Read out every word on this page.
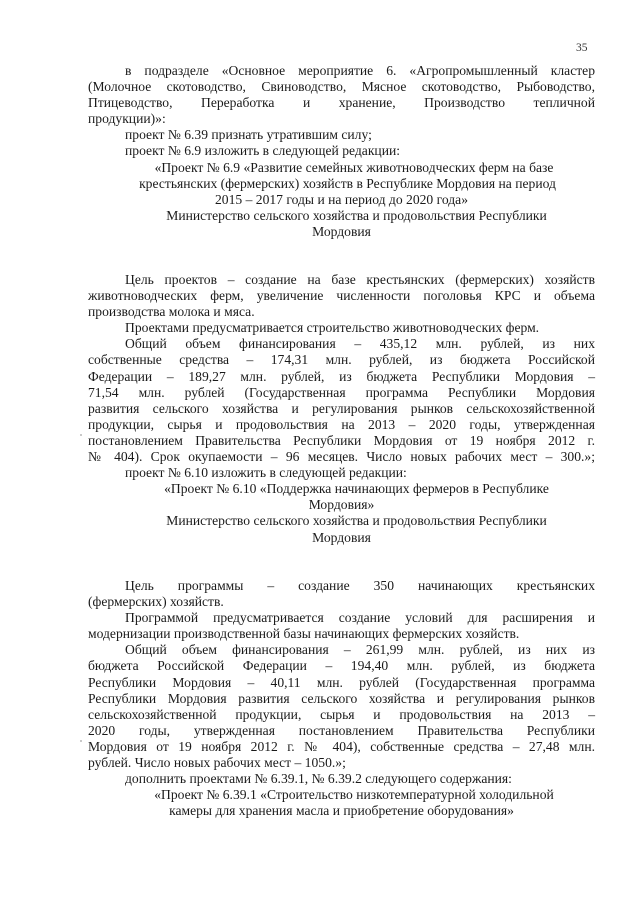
35
в подразделе «Основное мероприятие 6. «Агропромышленный кластер
(Молочное скотоводство, Свиноводство, Мясное скотоводство, Рыбоводство,
Птицеводство, Переработка и хранение, Производство тепличной
продукции)»:
проект № 6.39 признать утратившим силу;
проект № 6.9 изложить в следующей редакции:
«Проект № 6.9 «Развитие семейных животноводческих ферм на базе
крестьянских (фермерских) хозяйств в Республике Мордовия на период
2015 – 2017 годы и на период до 2020 года»
Министерство сельского хозяйства и продовольствия Республики
Мордовия
Цель проектов – создание на базе крестьянских (фермерских) хозяйств
животноводческих ферм, увеличение численности поголовья КРС и объема
производства молока и мяса.
Проектами предусматривается строительство животноводческих ферм.
Общий объем финансирования – 435,12 млн. рублей, из них
собственные средства – 174,31 млн. рублей, из бюджета Российской
Федерации – 189,27 млн. рублей, из бюджета Республики Мордовия –
71,54 млн. рублей (Государственная программа Республики Мордовия
развития сельского хозяйства и регулирования рынков сельскохозяйственной
продукции, сырья и продовольствия на 2013 – 2020 годы, утвержденная
постановлением Правительства Республики Мордовия от 19 ноября 2012 г.
№ 404). Срок окупаемости – 96 месяцев. Число новых рабочих мест – 300.»;
проект № 6.10 изложить в следующей редакции:
«Проект № 6.10 «Поддержка начинающих фермеров в Республике
Мордовия»
Министерство сельского хозяйства и продовольствия Республики
Мордовия
Цель программы – создание 350 начинающих крестьянских
(фермерских) хозяйств.
Программой предусматривается создание условий для расширения и
модернизации производственной базы начинающих фермерских хозяйств.
Общий объем финансирования – 261,99 млн. рублей, из них из
бюджета Российской Федерации – 194,40 млн. рублей, из бюджета
Республики Мордовия – 40,11 млн. рублей (Государственная программа
Республики Мордовия развития сельского хозяйства и регулирования рынков
сельскохозяйственной продукции, сырья и продовольствия на 2013 –
2020 годы, утвержденная постановлением Правительства Республики
Мордовия от 19 ноября 2012 г. № 404), собственные средства – 27,48 млн.
рублей. Число новых рабочих мест – 1050.»;
дополнить проектами № 6.39.1, № 6.39.2 следующего содержания:
«Проект № 6.39.1 «Строительство низкотемпературной холодильной
камеры для хранения масла и приобретение оборудования»
